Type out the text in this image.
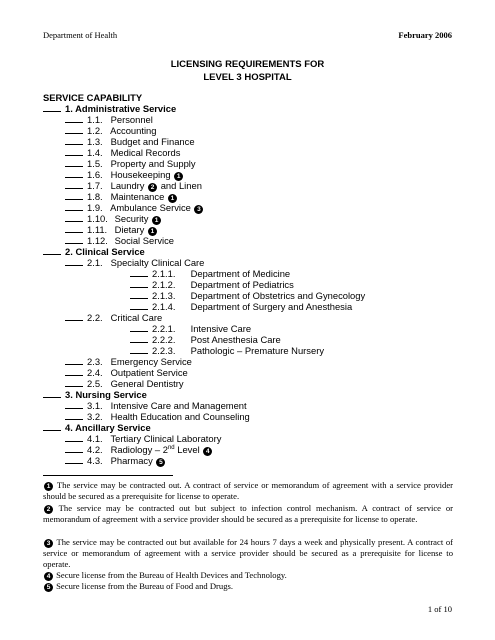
Department of Health	February 2006
LICENSING REQUIREMENTS FOR
LEVEL 3 HOSPITAL
SERVICE CAPABILITY
1. Administrative Service
1.1. Personnel
1.2. Accounting
1.3. Budget and Finance
1.4. Medical Records
1.5. Property and Supply
1.6. Housekeeping 1
1.7. Laundry 2 and Linen
1.8. Maintenance 1
1.9. Ambulance Service 3
1.10. Security 1
1.11. Dietary 1
1.12. Social Service
2. Clinical Service
2.1. Specialty Clinical Care
2.1.1. Department of Medicine
2.1.2. Department of Pediatrics
2.1.3. Department of Obstetrics and Gynecology
2.1.4. Department of Surgery and Anesthesia
2.2. Critical Care
2.2.1. Intensive Care
2.2.2. Post Anesthesia Care
2.2.3. Pathologic – Premature Nursery
2.3. Emergency Service
2.4. Outpatient Service
2.5. General Dentistry
3. Nursing Service
3.1. Intensive Care and Management
3.2. Health Education and Counseling
4. Ancillary Service
4.1. Tertiary Clinical Laboratory
4.2. Radiology – 2nd Level 4
4.3. Pharmacy 5
1 The service may be contracted out. A contract of service or memorandum of agreement with a service provider should be secured as a prerequisite for license to operate.
2 The service may be contracted out but subject to infection control mechanism. A contract of service or memorandum of agreement with a service provider should be secured as a prerequisite for license to operate.
3 The service may be contracted out but available for 24 hours 7 days a week and physically present. A contract of service or memorandum of agreement with a service provider should be secured as a prerequisite for license to operate.
4 Secure license from the Bureau of Health Devices and Technology.
5 Secure license from the Bureau of Food and Drugs.
1 of 10
